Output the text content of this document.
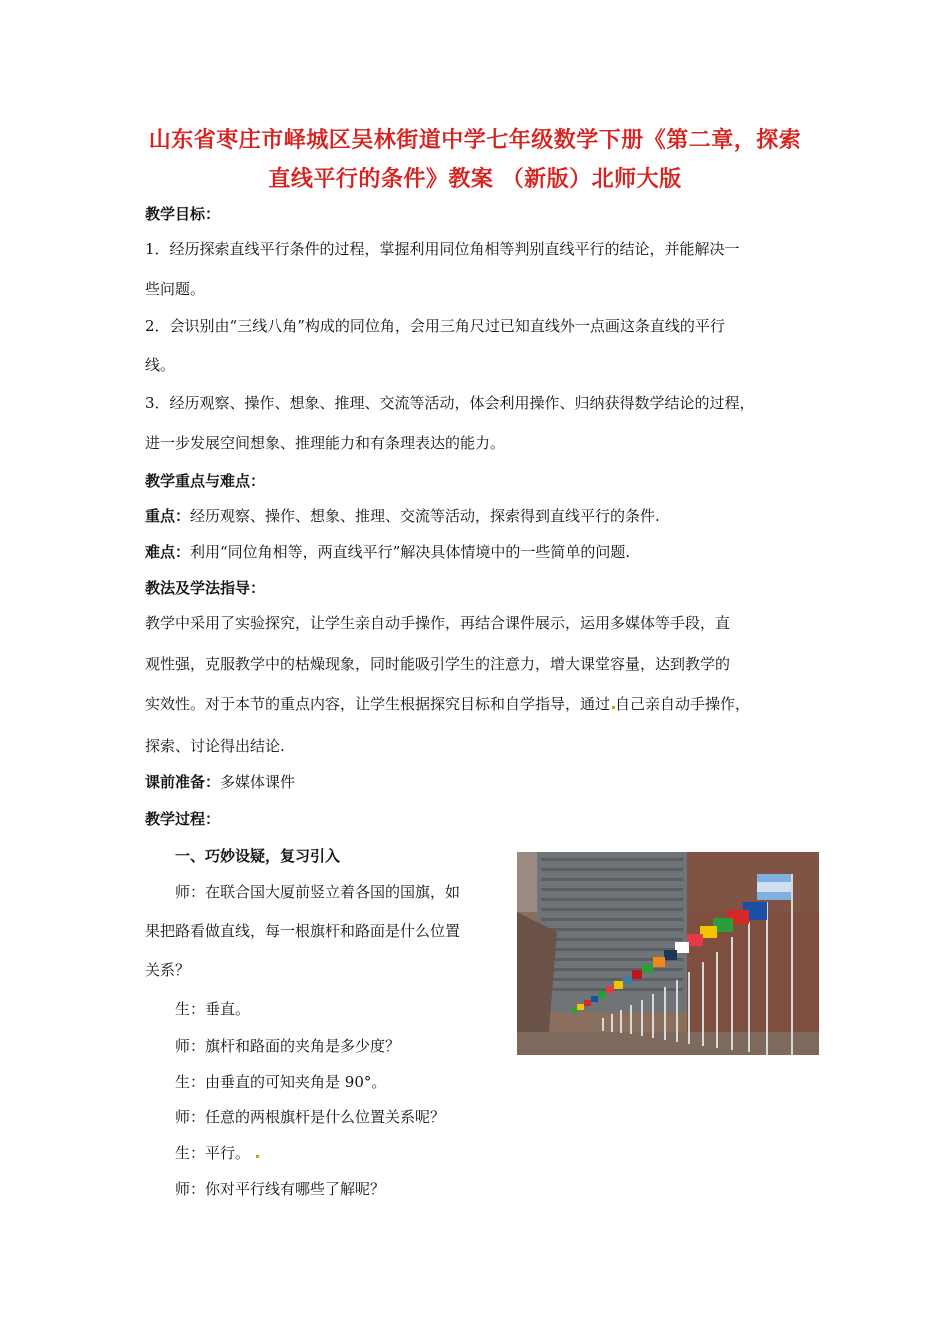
山东省枣庄市峄城区吴林街道中学七年级数学下册《第二章，探索
直线平行的条件》教案 （新版）北师大版
教学目标：
1．经历探索直线平行条件的过程，掌握利用同位角相等判别直线平行的结论，并能解决一
些问题。
2．会识别由“三线八角”构成的同位角，会用三角尺过已知直线外一点画这条直线的平行
线。
3．经历观察、操作、想象、推理、交流等活动，体会利用操作、归纳获得数学结论的过程，
进一步发展空间想象、推理能力和有条理表达的能力。
教学重点与难点：
重点：经历观察、操作、想象、推理、交流等活动，探索得到直线平行的条件.
难点：利用“同位角相等，两直线平行”解决具体情境中的一些简单的问题.
教法及学法指导：
教学中采用了实验探究，让学生亲自动手操作，再结合课件展示，运用多媒体等手段，直
观性强，克服教学中的枯燥现象，同时能吸引学生的注意力，增大课堂容量，达到教学的
实效性。对于本节的重点内容，让学生根据探究目标和自学指导，通过 自己亲自动手操作，
探索、讨论得出结论.
课前准备：多媒体课件
教学过程：
一、巧妙设疑，复习引入
师：在联合国大厦前竖立着各国的国旗，如
果把路看做直线，每一根旗杆和路面是什么位置
关系？
生：垂直。
师：旗杆和路面的夹角是多少度？
生：由垂直的可知夹角是 90°。
师：任意的两根旗杆是什么位置关系呢？
生：平行。
师：你对平行线有哪些了解呢？
